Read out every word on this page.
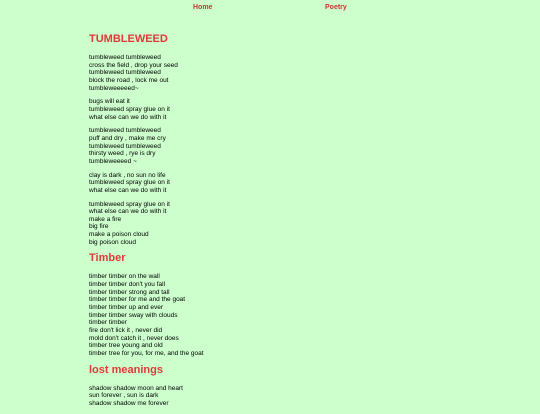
Home	Poetry
TUMBLEWEED
tumbleweed tumbleweed
cross the field , drop your seed
tumbleweed tumbleweed
block the road , lock me out
tumbleweeeeed~
bugs will eat it
tumbleweed spray glue on it
what else can we do with it
tumbleweed tumbleweed
puff and dry , make me cry
tumbleweed tumbleweed
thirsty weed , rye is dry
tumbleweeeed ~
clay is dark , no sun no life
tumbleweed spray glue on it
what else can we do with it
tumbleweed spray glue on it
what else can we do with it
make a fire
big fire
make a poison cloud
big poison cloud
Timber
timber timber on the wall
timber timber don't you fall
timber timber strong and tall
timber timber for me and the goat
timber timber up and ever
timber timber sway with clouds
timber timber
fire don't lick it , never did
mold don't catch it , never does
timber tree young and old
timber tree for you, for me, and the goat
lost meanings
shadow shadow moon and heart
sun forever , sun is dark
shadow shadow me forever
